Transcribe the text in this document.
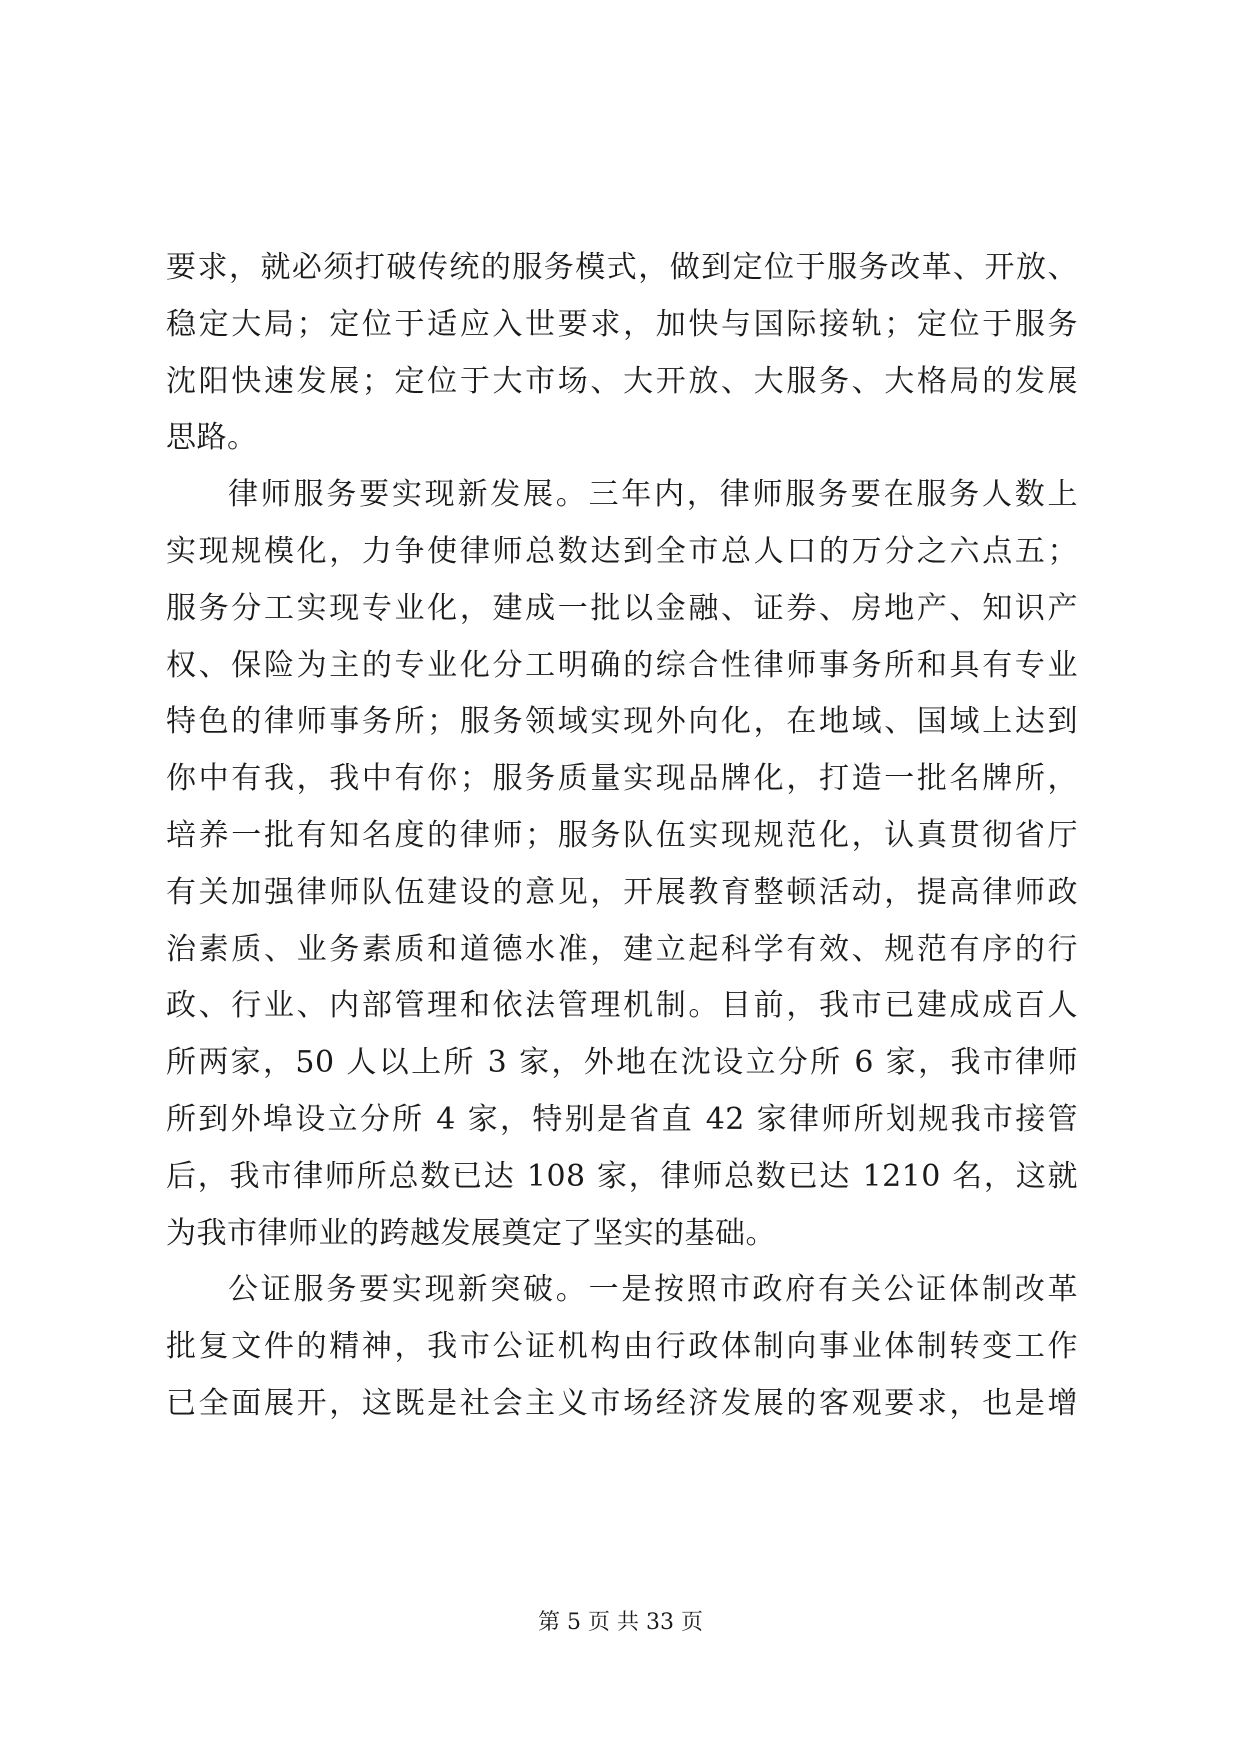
要求，就必须打破传统的服务模式，做到定位于服务改革、开放、
稳定大局；定位于适应入世要求，加快与国际接轨；定位于服务
沈阳快速发展；定位于大市场、大开放、大服务、大格局的发展
思路。
律师服务要实现新发展。三年内，律师服务要在服务人数上
实现规模化，力争使律师总数达到全市总人口的万分之六点五；
服务分工实现专业化，建成一批以金融、证券、房地产、知识产
权、保险为主的专业化分工明确的综合性律师事务所和具有专业
特色的律师事务所；服务领域实现外向化，在地域、国域上达到
你中有我，我中有你；服务质量实现品牌化，打造一批名牌所，
培养一批有知名度的律师；服务队伍实现规范化，认真贯彻省厅
有关加强律师队伍建设的意见，开展教育整顿活动，提高律师政
治素质、业务素质和道德水准，建立起科学有效、规范有序的行
政、行业、内部管理和依法管理机制。目前，我市已建成成百人
所两家，50 人以上所 3 家，外地在沈设立分所 6 家，我市律师
所到外埠设立分所 4 家，特别是省直 42 家律师所划规我市接管
后，我市律师所总数已达 108 家，律师总数已达 1210 名，这就
为我市律师业的跨越发展奠定了坚实的基础。
公证服务要实现新突破。一是按照市政府有关公证体制改革
批复文件的精神，我市公证机构由行政体制向事业体制转变工作
已全面展开，这既是社会主义市场经济发展的客观要求，也是增
第 5 页 共 33 页
